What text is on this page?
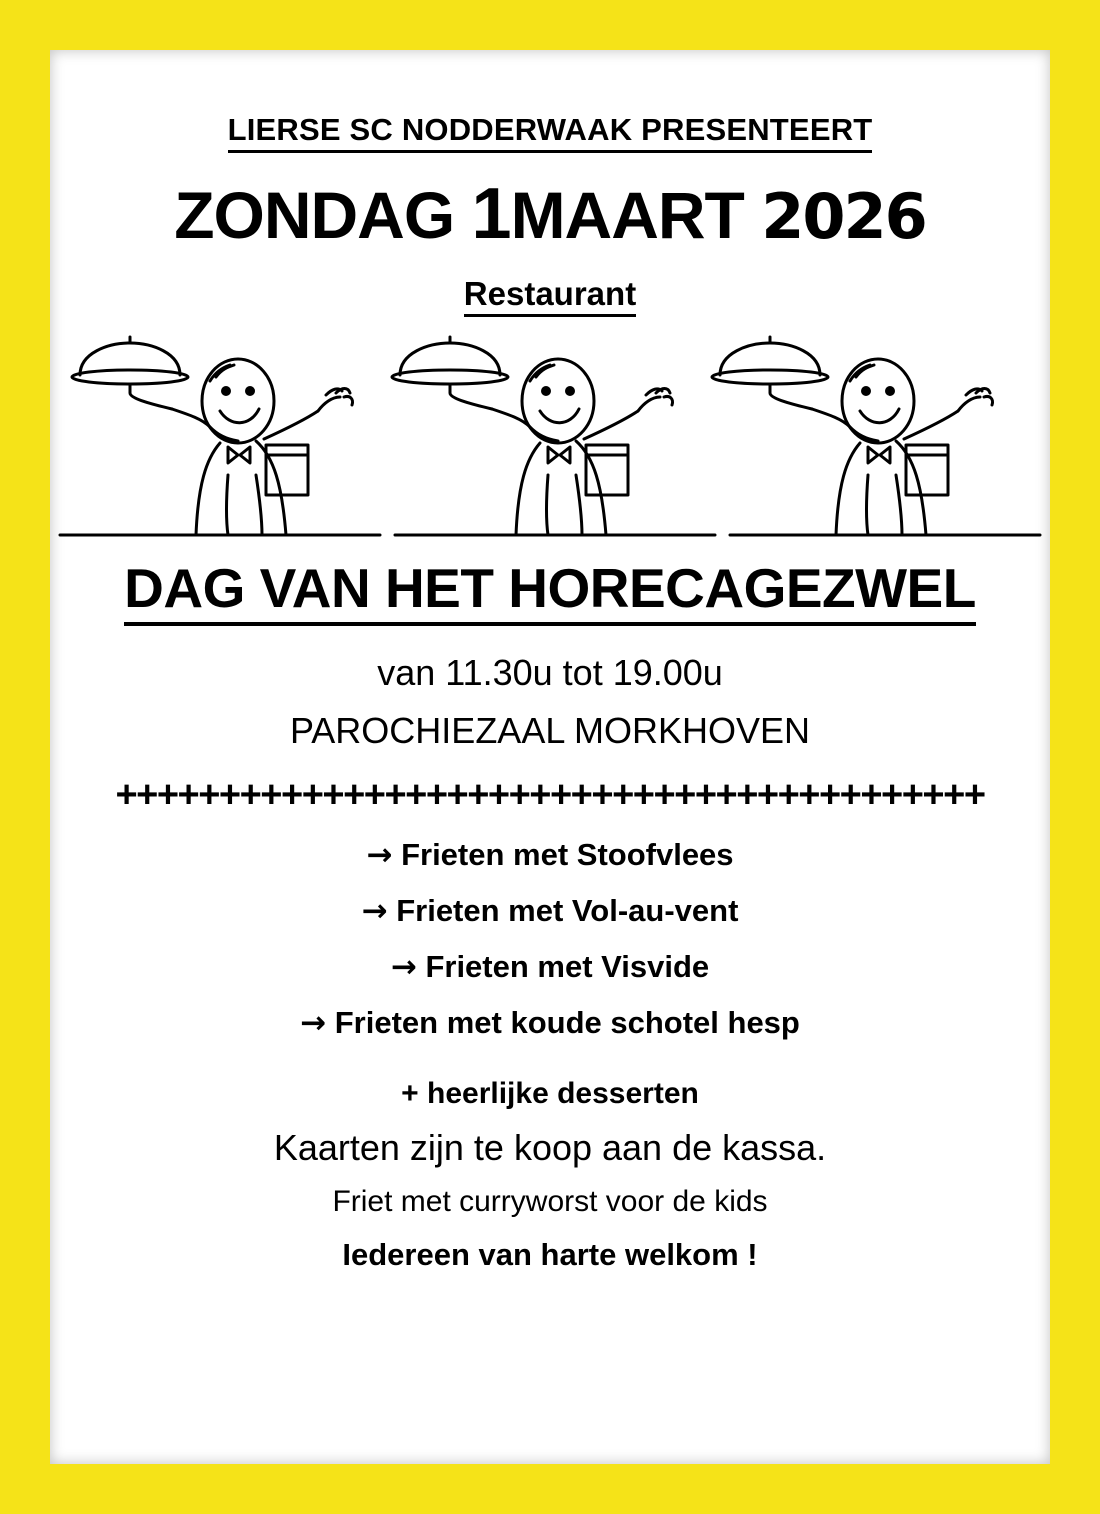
LIERSE SC NODDERWAAK PRESENTEERT
ZONDAG 1MAART 2026
Restaurant
DAG VAN HET HORECAGEZWEL
van 11.30u tot 19.00u
PAROCHIEZAAL MORKHOVEN
++++++++++++++++++++++++++++++++++++++++++
→ Frieten met Stoofvlees
→ Frieten met Vol-au-vent
→ Frieten met Visvide
→ Frieten met koude schotel hesp
+ heerlijke desserten
Kaarten zijn te koop aan de kassa.
Friet met curryworst voor de kids
Iedereen van harte welkom !
